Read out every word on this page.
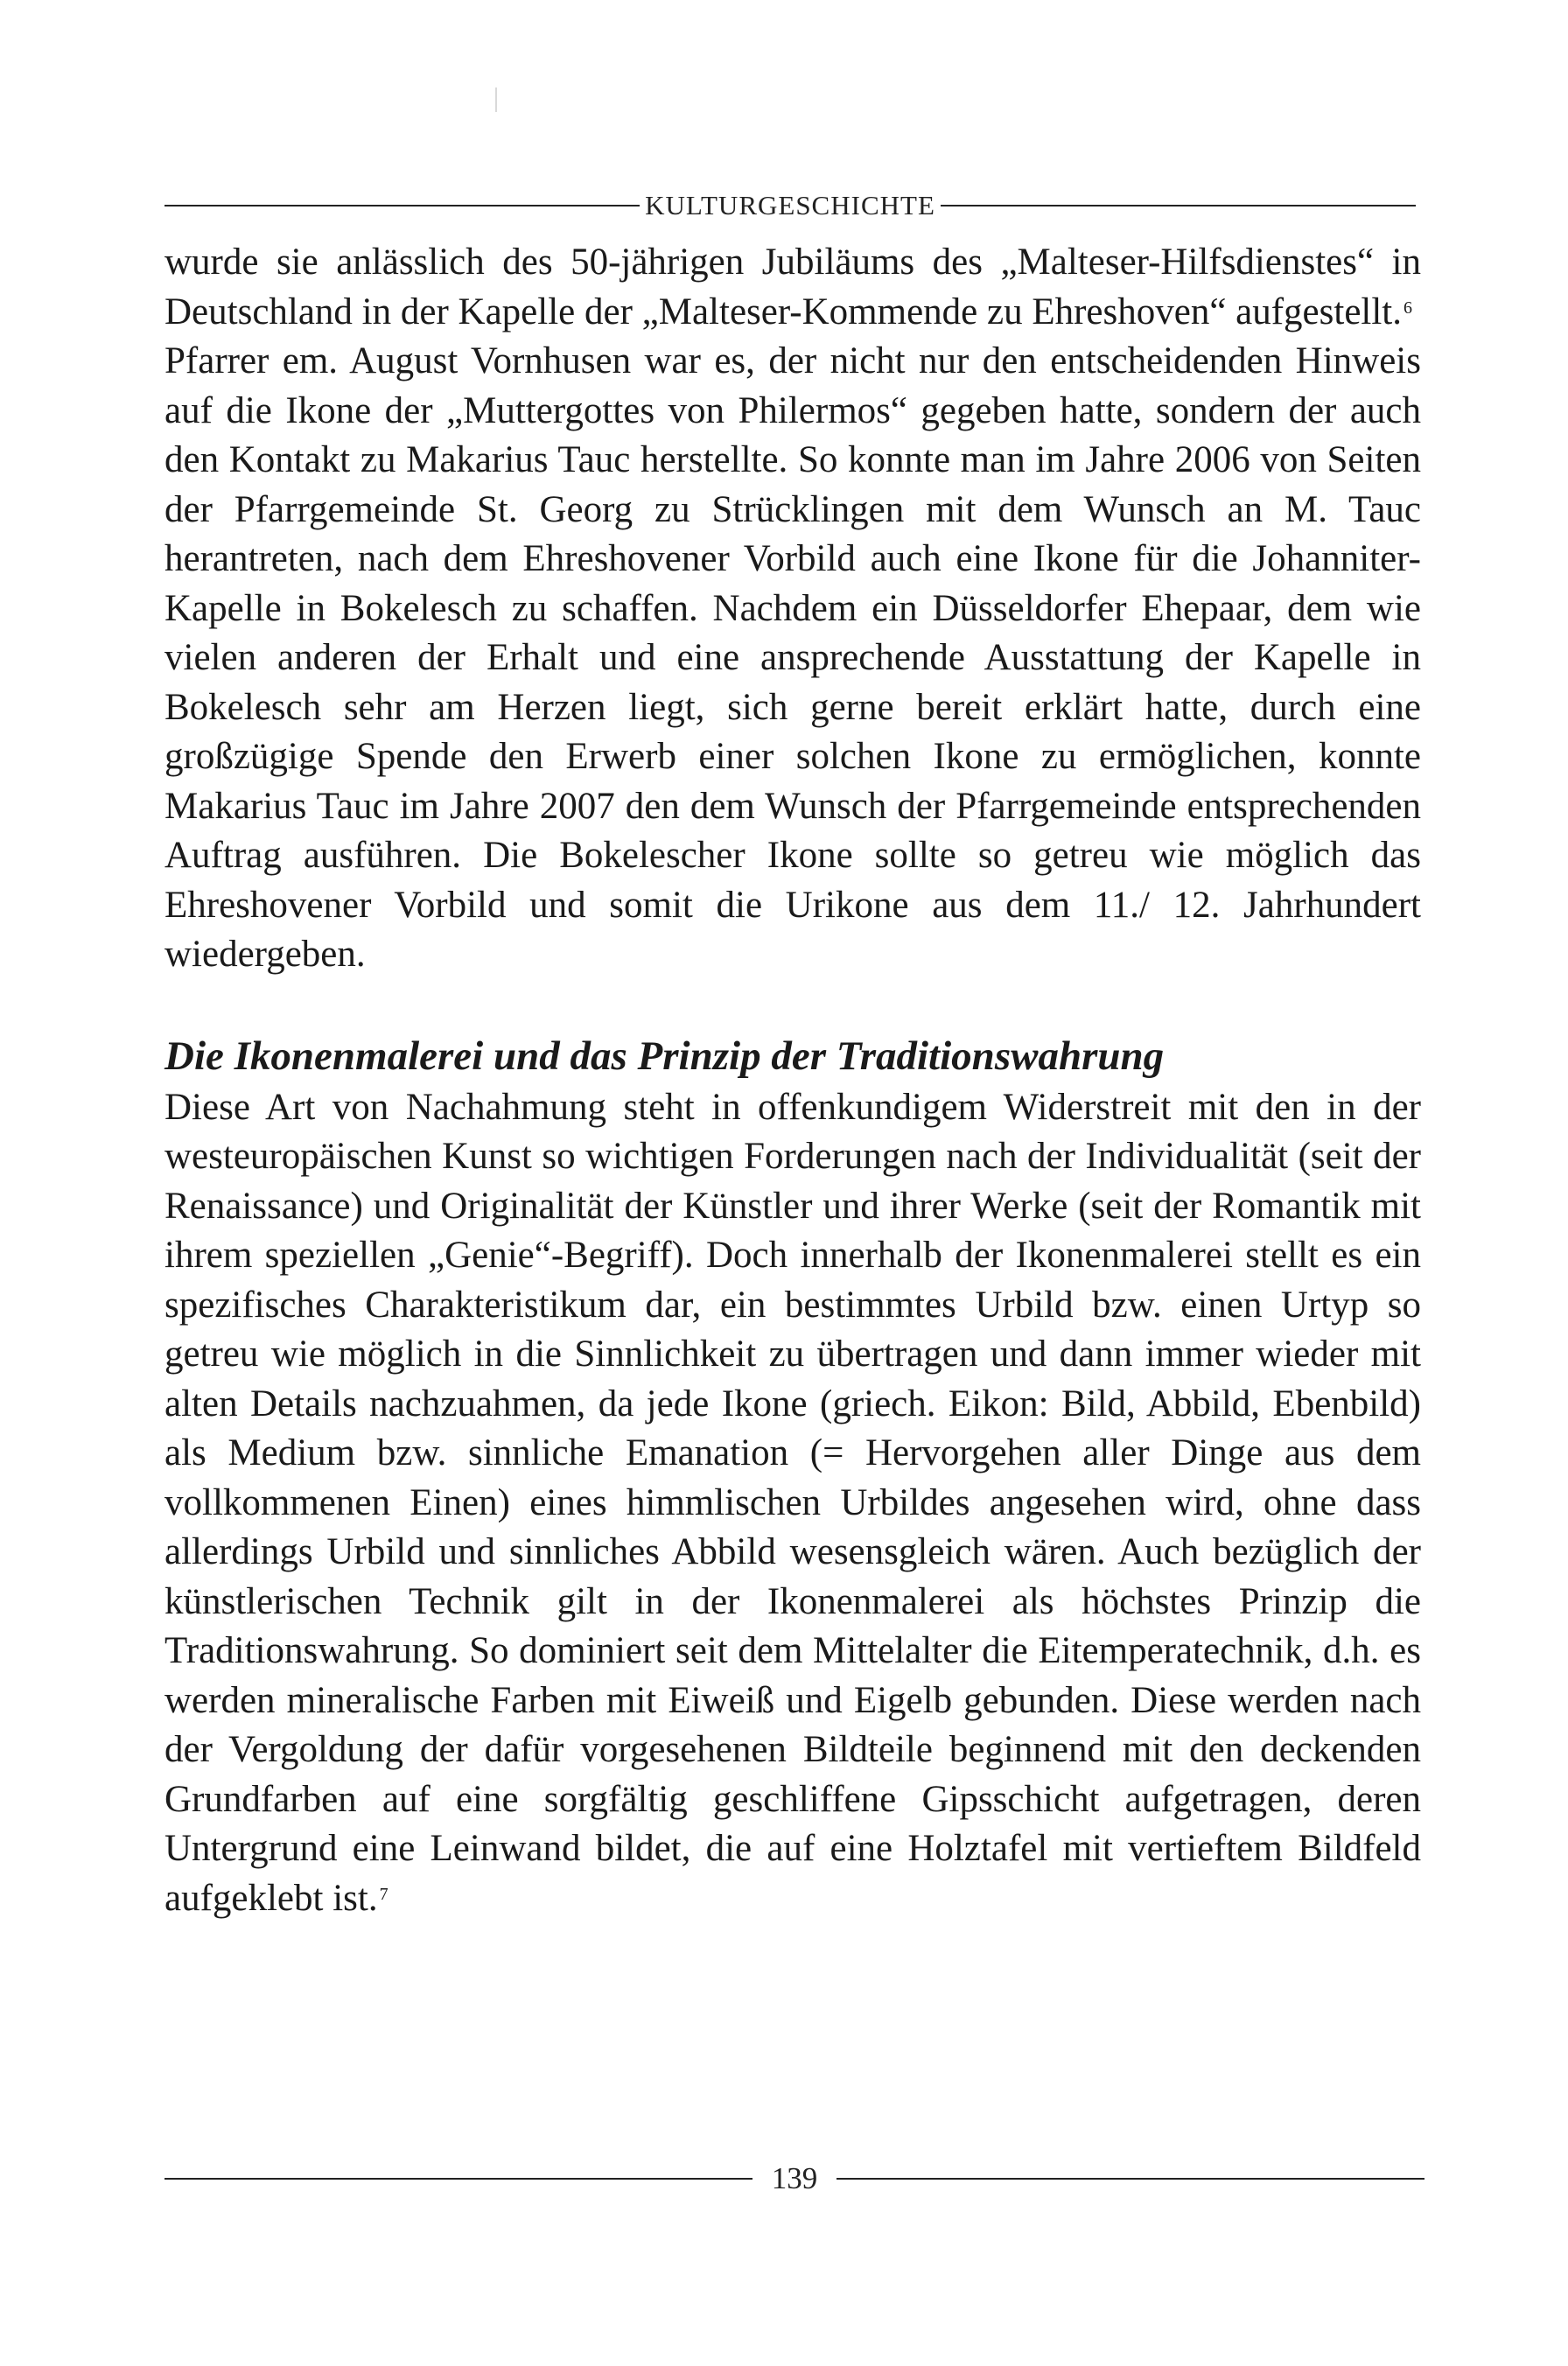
KULTURGESCHICHTE

wurde sie anlässlich des 50-jährigen Jubiläums des „Malteser-Hilfsdienstes“ in Deutschland in der Kapelle der „Malteser-Kommende zu Ehreshoven“ aufgestellt. $^6$

Pfarrer em. August Vornhusen war es, der nicht nur den entscheidenden Hinweis auf die Ikone der „Muttergottes von Philermos“ gegeben hatte, sondern der auch den Kontakt zu Makarius Tauc herstellte. So konnte man im Jahre 2006 von Seiten der Pfarrgemeinde St. Georg zu Strücklingen mit dem Wunsch an M. Tauc herantreten, nach dem Ehreshovener Vorbild auch eine Ikone für die Johanniter-Kapelle in Bokelesch zu schaffen. Nachdem ein Düsseldorfer Ehepaar, dem wie vielen anderen der Erhalt und eine ansprechende Ausstattung der Kapelle in Bokelesch sehr am Herzen liegt, sich gerne bereit erklärt hatte, durch eine großzügige Spende den Erwerb einer solchen Ikone zu ermöglichen, konnte Makarius Tauc im Jahre 2007 den dem Wunsch der Pfarrgemeinde entsprechenden Auftrag ausführen. Die Bokelescher Ikone sollte so getreu wie möglich das Ehreshovener Vorbild und somit die Urikone aus dem 11./ 12. Jahrhundert wiedergeben.

Die Ikonenmalerei und das Prinzip der Traditionswahrung

Diese Art von Nachahmung steht in offenkundigem Widerstreit mit den in der westeuropäischen Kunst so wichtigen Forderungen nach der Individualität (seit der Renaissance) und Originalität der Künstler und ihrer Werke (seit der Romantik mit ihrem speziellen „Genie“-Begriff). Doch innerhalb der Ikonenmalerei stellt es ein spezifisches Charakteristikum dar, ein bestimmtes Urbild bzw. einen Urtyp so getreu wie möglich in die Sinnlichkeit zu übertragen und dann immer wieder mit alten Details nachzuahmen, da jede Ikone (griech. Eikon: Bild, Abbild, Ebenbild) als Medium bzw. sinnliche Emanation (= Hervorgehen aller Dinge aus dem vollkommenen Einen) eines himmlischen Urbildes angesehen wird, ohne dass allerdings Urbild und sinnliches Abbild wesensgleich wären. Auch bezüglich der künstlerischen Technik gilt in der Ikonenmalerei als höchstes Prinzip die Traditionswahrung. So dominiert seit dem Mittelalter die Eitemperatechnik, d.h. es werden mineralische Farben mit Eiweiß und Eigelb gebunden. Diese werden nach der Vergoldung der dafür vorgesehenen Bildteile beginnend mit den deckenden Grundfarben auf eine sorgfältig geschliffene Gipsschicht aufgetragen, deren Untergrund eine Leinwand bildet, die auf eine Holztafel mit vertieftem Bildfeld aufgeklebt ist. $^7$

139
